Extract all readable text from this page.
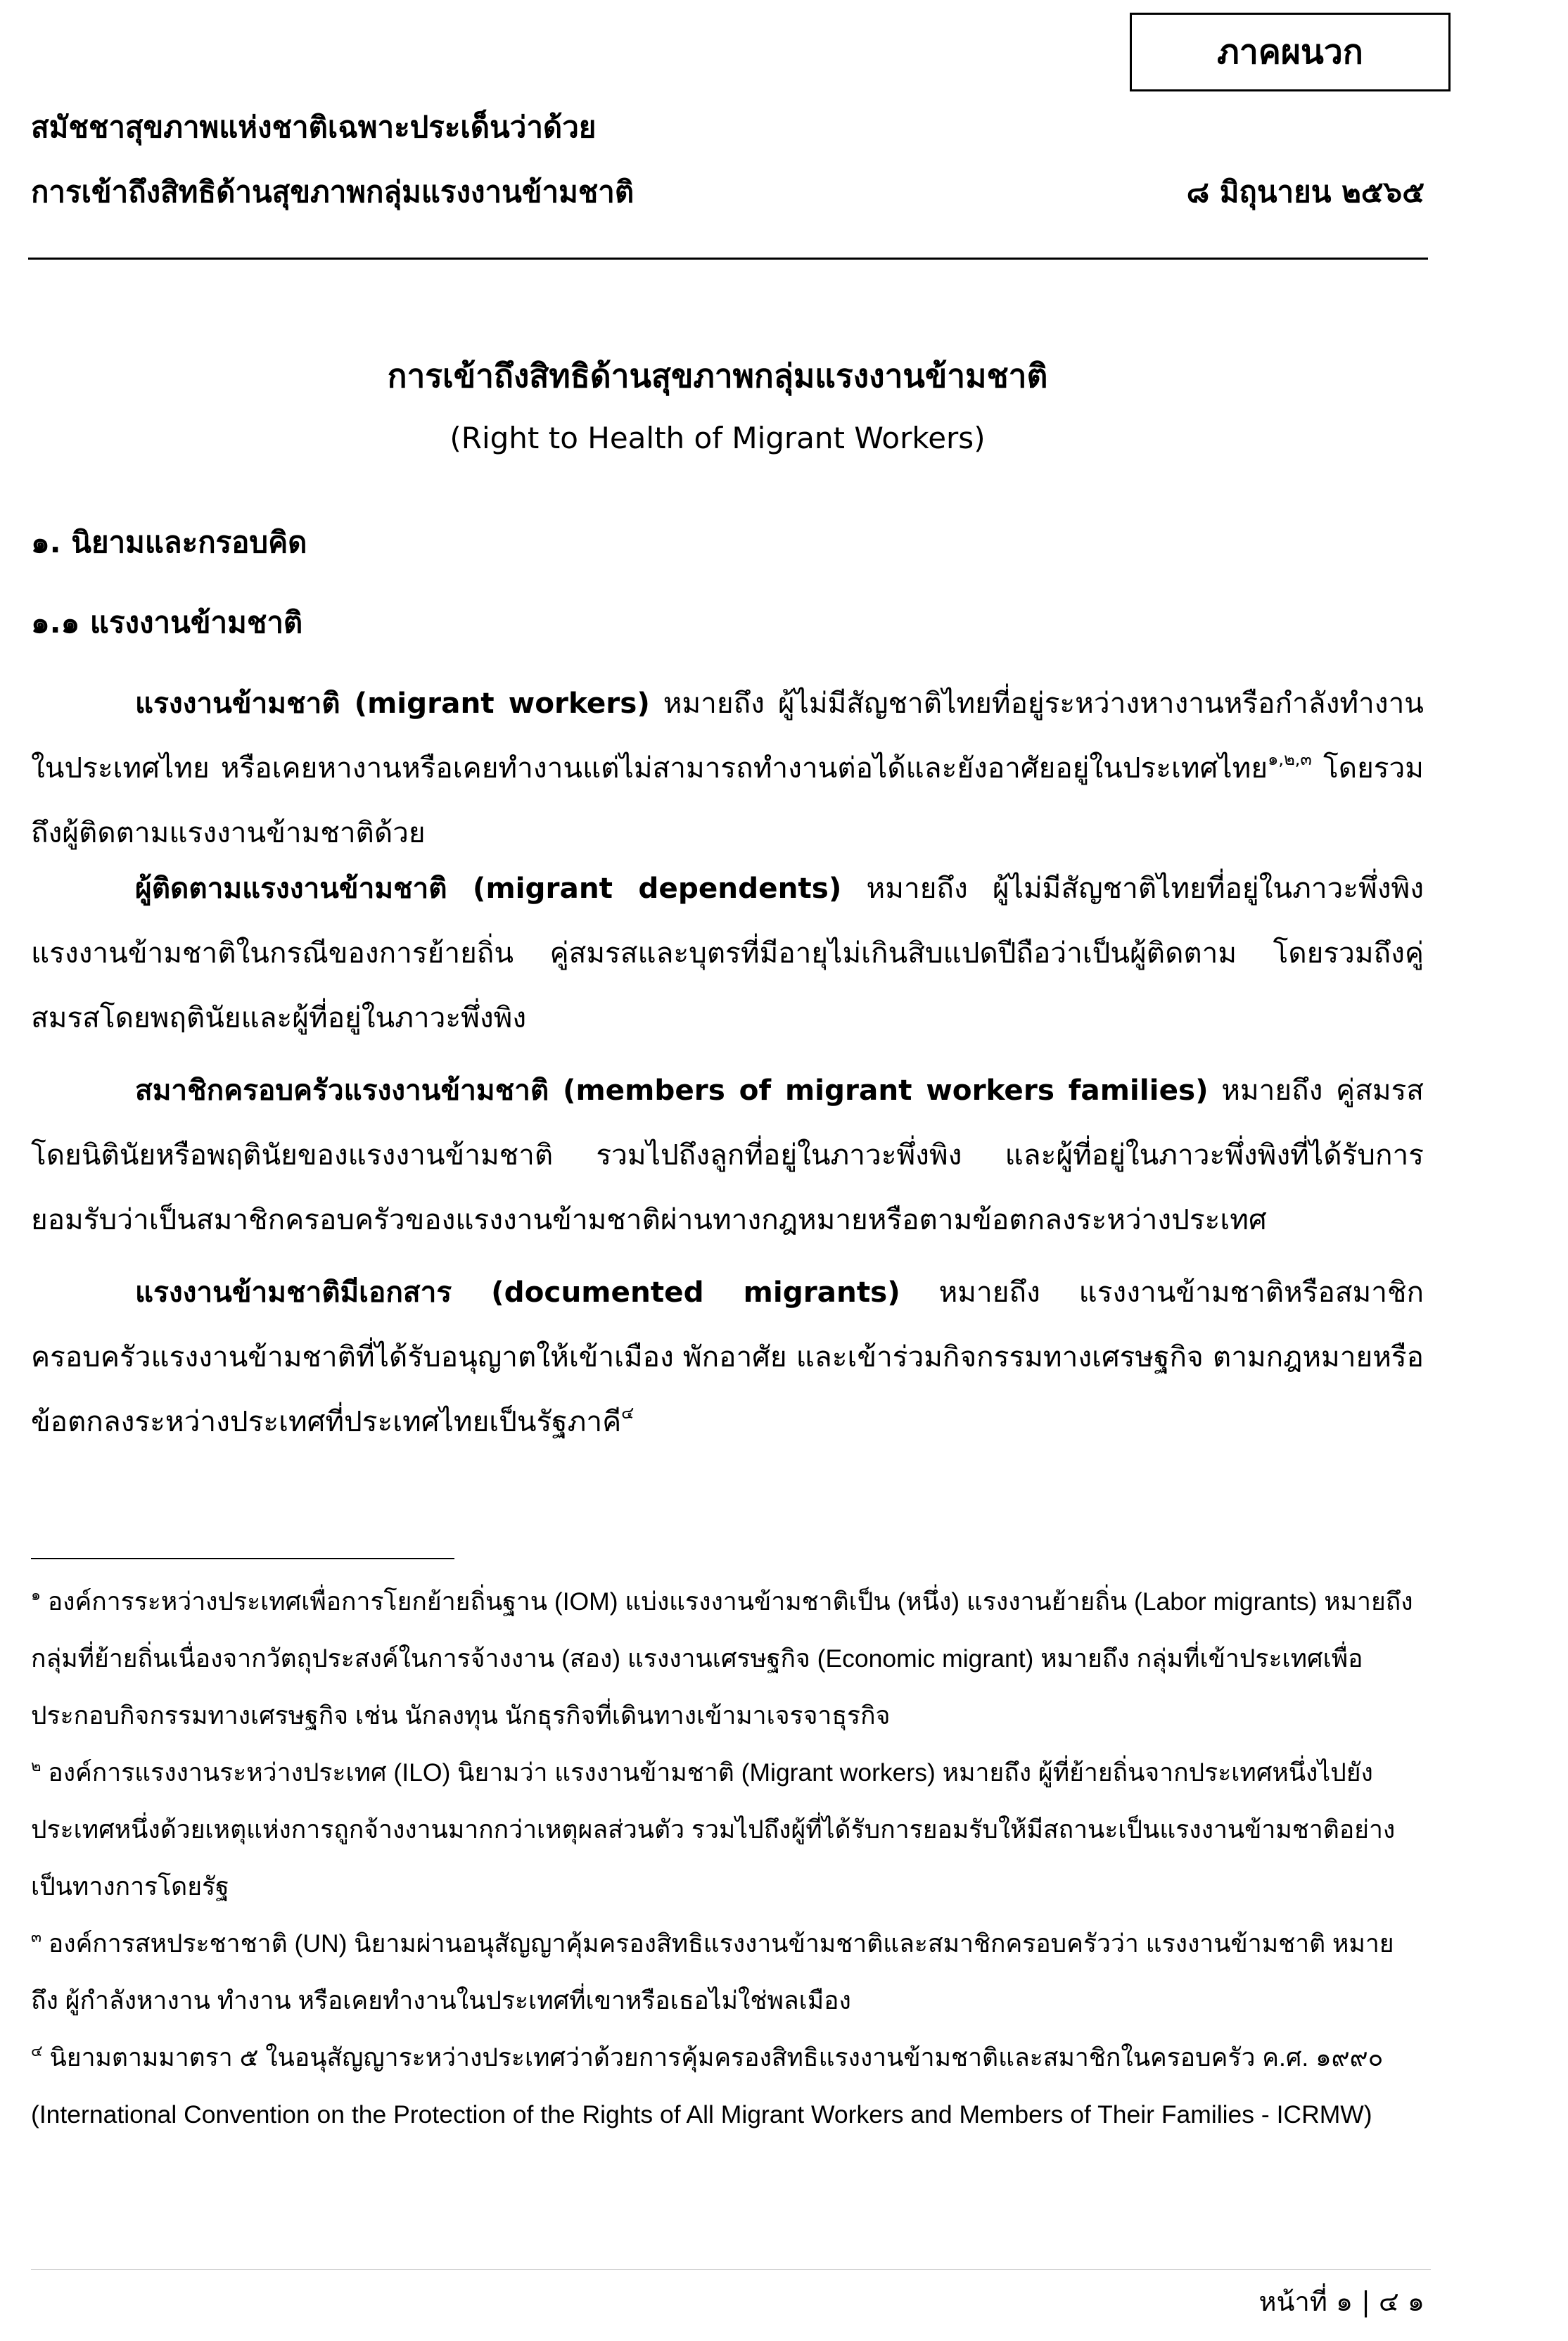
ภาคผนวก
สมัชชาสุขภาพแห่งชาติเฉพาะประเด็นว่าด้วย
การเข้าถึงสิทธิด้านสุขภาพกลุ่มแรงงานข้ามชาติ	๘ มิถุนายน ๒๕๖๕
การเข้าถึงสิทธิด้านสุขภาพกลุ่มแรงงานข้ามชาติ
(Right to Health of Migrant Workers)
๑. นิยามและกรอบคิด
๑.๑ แรงงานข้ามชาติ
แรงงานข้ามชาติ (migrant workers) หมายถึง ผู้ไม่มีสัญชาติไทยที่อยู่ระหว่างหางานหรือกำลังทำงานในประเทศไทย หรือเคยหางานหรือเคยทำงานแต่ไม่สามารถทำงานต่อได้และยังอาศัยอยู่ในประเทศไทย$^{๑,๒,๓}$ โดยรวมถึงผู้ติดตามแรงงานข้ามชาติด้วย
ผู้ติดตามแรงงานข้ามชาติ (migrant dependents) หมายถึง ผู้ไม่มีสัญชาติไทยที่อยู่ในภาวะพึ่งพิงแรงงานข้ามชาติในกรณีของการย้ายถิ่น คู่สมรสและบุตรที่มีอายุไม่เกินสิบแปดปีถือว่าเป็นผู้ติดตาม โดยรวมถึงคู่สมรสโดยพฤตินัยและผู้ที่อยู่ในภาวะพึ่งพิง
สมาชิกครอบครัวแรงงานข้ามชาติ (members of migrant workers families) หมายถึง คู่สมรสโดยนิตินัยหรือพฤตินัยของแรงงานข้ามชาติ รวมไปถึงลูกที่อยู่ในภาวะพึ่งพิง และผู้ที่อยู่ในภาวะพึ่งพิงที่ได้รับการยอมรับว่าเป็นสมาชิกครอบครัวของแรงงานข้ามชาติผ่านทางกฎหมายหรือตามข้อตกลงระหว่างประเทศ
แรงงานข้ามชาติมีเอกสาร (documented migrants) หมายถึง แรงงานข้ามชาติหรือสมาชิกครอบครัวแรงงานข้ามชาติที่ได้รับอนุญาตให้เข้าเมือง พักอาศัย และเข้าร่วมกิจกรรมทางเศรษฐกิจ ตามกฎหมายหรือข้อตกลงระหว่างประเทศที่ประเทศไทยเป็นรัฐภาคี$^๔$

$^๑$ องค์การระหว่างประเทศเพื่อการโยกย้ายถิ่นฐาน (IOM) แบ่งแรงงานข้ามชาติเป็น (หนึ่ง) แรงงานย้ายถิ่น (Labor migrants) หมายถึง กลุ่มที่ย้ายถิ่นเนื่องจากวัตถุประสงค์ในการจ้างงาน (สอง) แรงงานเศรษฐกิจ (Economic migrant) หมายถึง กลุ่มที่เข้าประเทศเพื่อประกอบกิจกรรมทางเศรษฐกิจ เช่น นักลงทุน นักธุรกิจที่เดินทางเข้ามาเจรจาธุรกิจ

$^๒$ องค์การแรงงานระหว่างประเทศ (ILO) นิยามว่า แรงงานข้ามชาติ (Migrant workers) หมายถึง ผู้ที่ย้ายถิ่นจากประเทศหนึ่งไปยังประเทศหนึ่งด้วยเหตุแห่งการถูกจ้างงานมากกว่าเหตุผลส่วนตัว รวมไปถึงผู้ที่ได้รับการยอมรับให้มีสถานะเป็นแรงงานข้ามชาติอย่างเป็นทางการโดยรัฐ

$^๓$ องค์การสหประชาชาติ (UN) นิยามผ่านอนุสัญญาคุ้มครองสิทธิแรงงานข้ามชาติและสมาชิกครอบครัวว่า แรงงานข้ามชาติ หมายถึง ผู้กำลังหางาน ทำงาน หรือเคยทำงานในประเทศที่เขาหรือเธอไม่ใช่พลเมือง

$^๔$ นิยามตามมาตรา ๕ ในอนุสัญญาระหว่างประเทศว่าด้วยการคุ้มครองสิทธิแรงงานข้ามชาติและสมาชิกในครอบครัว ค.ศ. ๑๙๙๐ (International Convention on the Protection of the Rights of All Migrant Workers and Members of Their Families - ICRMW)

หน้าที่ ๑ | ๔ ๑
